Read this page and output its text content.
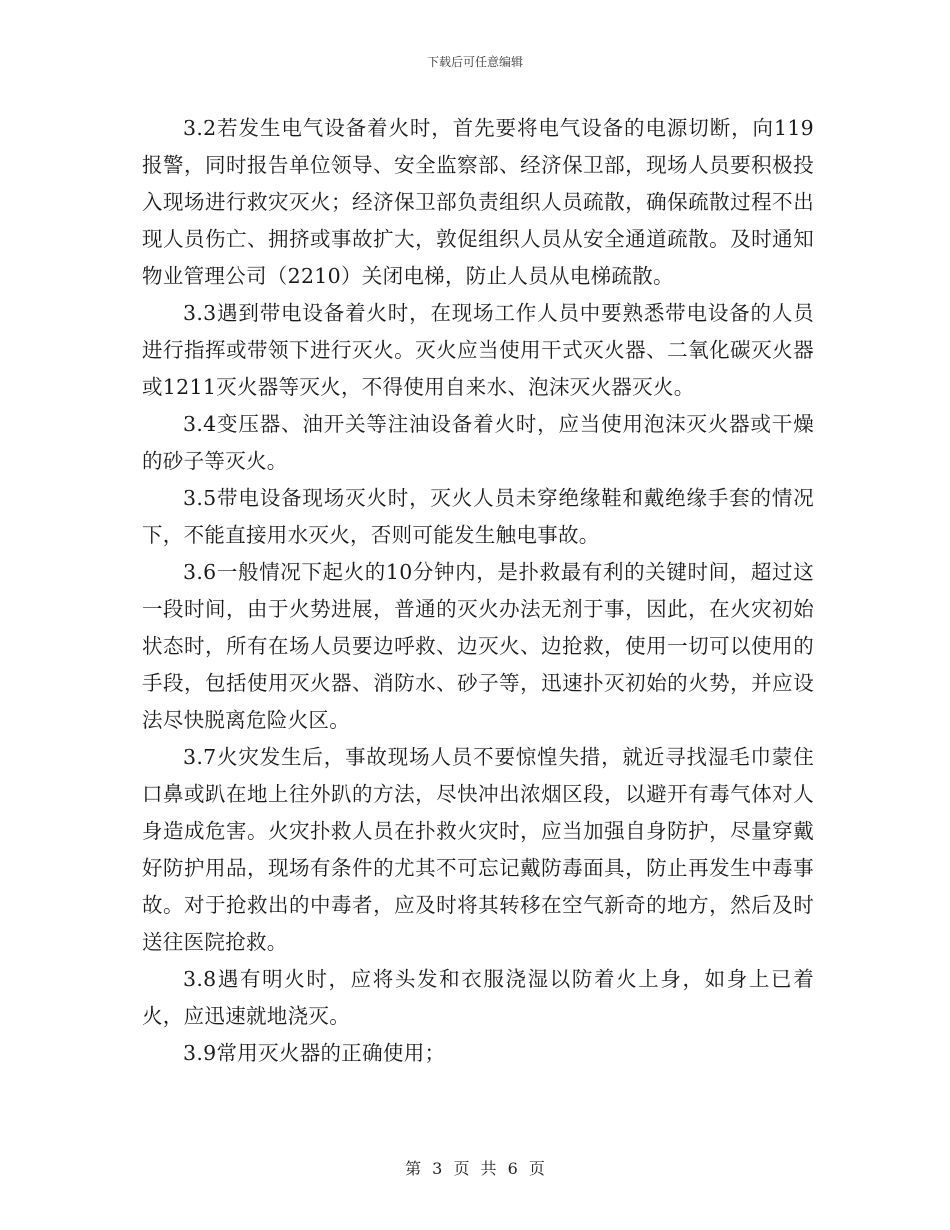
下载后可任意编辑

3.2若发生电气设备着火时，首先要将电气设备的电源切断，向119报警，同时报告单位领导、安全监察部、经济保卫部，现场人员要积极投入现场进行救灾灭火；经济保卫部负责组织人员疏散，确保疏散过程不出现人员伤亡、拥挤或事故扩大，敦促组织人员从安全通道疏散。及时通知物业管理公司（2210）关闭电梯，防止人员从电梯疏散。

3.3遇到带电设备着火时，在现场工作人员中要熟悉带电设备的人员进行指挥或带领下进行灭火。灭火应当使用干式灭火器、二氧化碳灭火器或1211灭火器等灭火，不得使用自来水、泡沫灭火器灭火。

3.4变压器、油开关等注油设备着火时，应当使用泡沫灭火器或干燥的砂子等灭火。

3.5带电设备现场灭火时，灭火人员未穿绝缘鞋和戴绝缘手套的情况下，不能直接用水灭火，否则可能发生触电事故。

3.6一般情况下起火的10分钟内，是扑救最有利的关键时间，超过这一段时间，由于火势进展，普通的灭火办法无剂于事，因此，在火灾初始状态时，所有在场人员要边呼救、边灭火、边抢救，使用一切可以使用的手段，包括使用灭火器、消防水、砂子等，迅速扑灭初始的火势，并应设法尽快脱离危险火区。

3.7火灾发生后，事故现场人员不要惊惶失措，就近寻找湿毛巾蒙住口鼻或趴在地上往外趴的方法，尽快冲出浓烟区段，以避开有毒气体对人身造成危害。火灾扑救人员在扑救火灾时，应当加强自身防护，尽量穿戴好防护用品，现场有条件的尤其不可忘记戴防毒面具，防止再发生中毒事故。对于抢救出的中毒者，应及时将其转移在空气新奇的地方，然后及时送往医院抢救。

3.8遇有明火时，应将头发和衣服浇湿以防着火上身，如身上已着火，应迅速就地浇灭。

3.9常用灭火器的正确使用；

第 3 页 共 6 页
